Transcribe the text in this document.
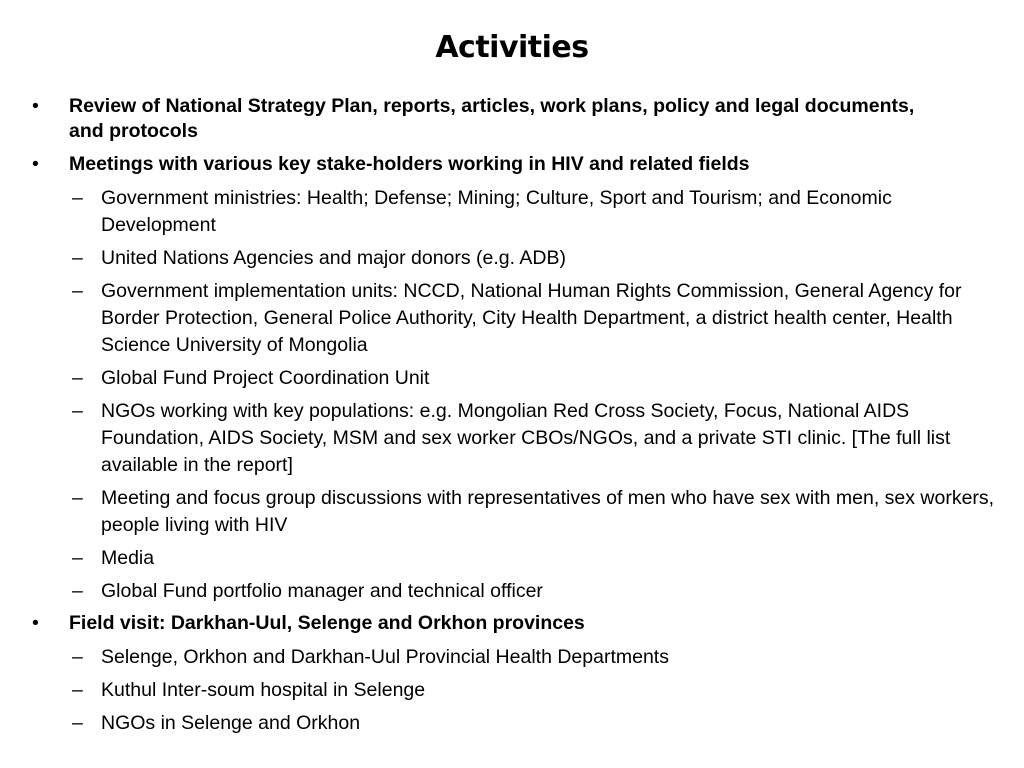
Activities
• Review of National Strategy Plan, reports, articles, work plans, policy and legal documents, and protocols
• Meetings with various key stake-holders working in HIV and related fields
– Government ministries: Health; Defense; Mining; Culture, Sport and Tourism; and Economic Development
– United Nations Agencies and major donors (e.g. ADB)
– Government implementation units: NCCD, National Human Rights Commission, General Agency for Border Protection, General Police Authority, City Health Department, a district health center, Health Science University of Mongolia
– Global Fund Project Coordination Unit
– NGOs working with key populations: e.g. Mongolian Red Cross Society, Focus, National AIDS Foundation, AIDS Society, MSM and sex worker CBOs/NGOs, and a private STI clinic. [The full list available in the report]
– Meeting and focus group discussions with representatives of men who have sex with men, sex workers, people living with HIV
– Media
– Global Fund portfolio manager and technical officer
• Field visit: Darkhan-Uul, Selenge and Orkhon provinces
– Selenge, Orkhon and Darkhan-Uul Provincial Health Departments
– Kuthul Inter-soum hospital in Selenge
– NGOs in Selenge and Orkhon
